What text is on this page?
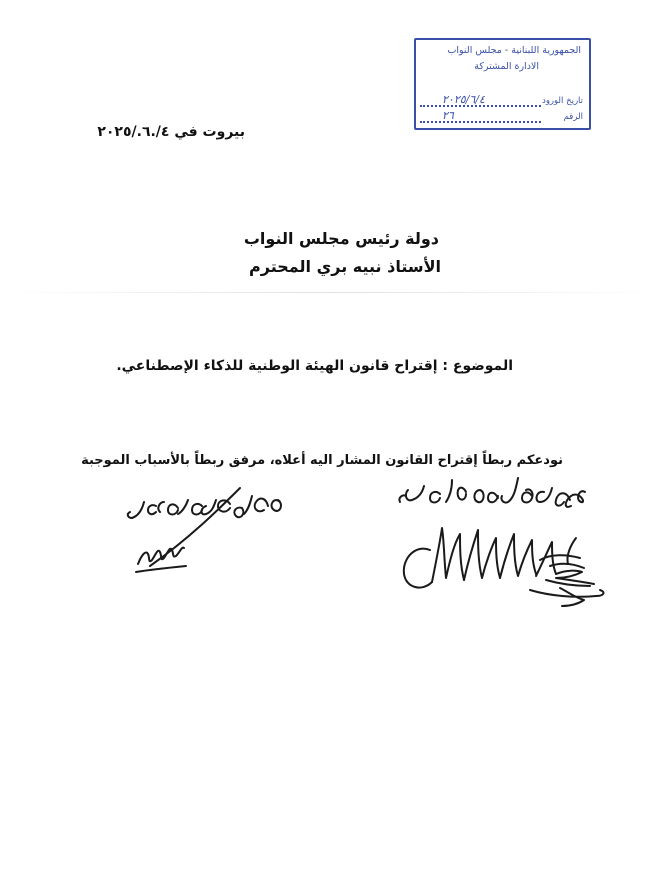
الجمهورية اللبنانية - مجلس النواب
الادارة المشتركة
تاريخ الورود
٢٠٢٥/٦/٤
الرقم
٢٦
بيروت في ٤/.٦./٢٠٢٥
دولة رئيس مجلس النواب
الأستاذ نبيه بري المحترم
الموضوع : إقتراح قانون الهيئة الوطنية للذكاء الإصطناعي.
نودعكم ربطاً إقتراح القانون المشار اليه أعلاه، مرفق ربطاً بالأسباب الموجبة
